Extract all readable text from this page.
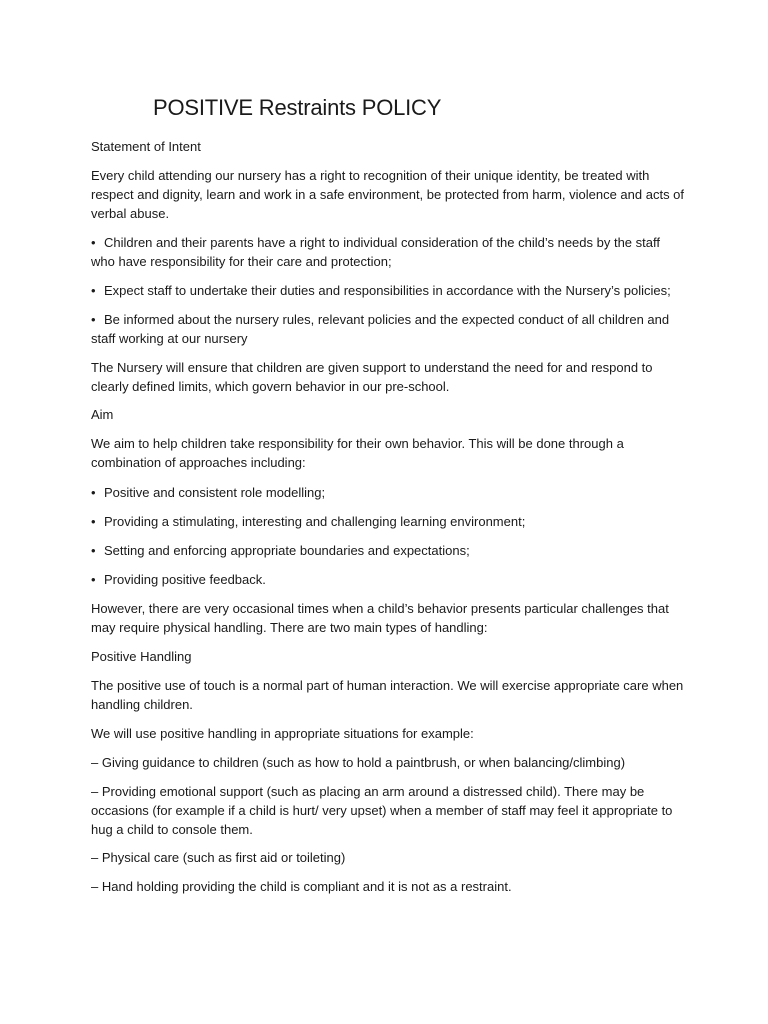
POSITIVE Restraints POLICY

Statement of Intent

Every child attending our nursery has a right to recognition of their unique identity, be treated with

respect and dignity, learn and work in a safe environment, be protected from harm, violence and acts of

verbal abuse.

• Children and their parents have a right to individual consideration of the child’s needs by the staff

who have responsibility for their care and protection;

• Expect staff to undertake their duties and responsibilities in accordance with the Nursery’s policies;

• Be informed about the nursery rules, relevant policies and the expected conduct of all children and

staff working at our nursery

The Nursery will ensure that children are given support to understand the need for and respond to

clearly defined limits, which govern behavior in our pre-school.

Aim

We aim to help children take responsibility for their own behavior. This will be done through a

combination of approaches including:

• Positive and consistent role modelling;

• Providing a stimulating, interesting and challenging learning environment;

• Setting and enforcing appropriate boundaries and expectations;

• Providing positive feedback.

However, there are very occasional times when a child’s behavior presents particular challenges that

may require physical handling. There are two main types of handling:

Positive Handling

The positive use of touch is a normal part of human interaction. We will exercise appropriate care when

handling children.

We will use positive handling in appropriate situations for example:

– Giving guidance to children (such as how to hold a paintbrush, or when balancing/climbing)

– Providing emotional support (such as placing an arm around a distressed child). There may be

occasions (for example if a child is hurt/ very upset) when a member of staff may feel it appropriate to

hug a child to console them.

– Physical care (such as first aid or toileting)

– Hand holding providing the child is compliant and it is not as a restraint.
